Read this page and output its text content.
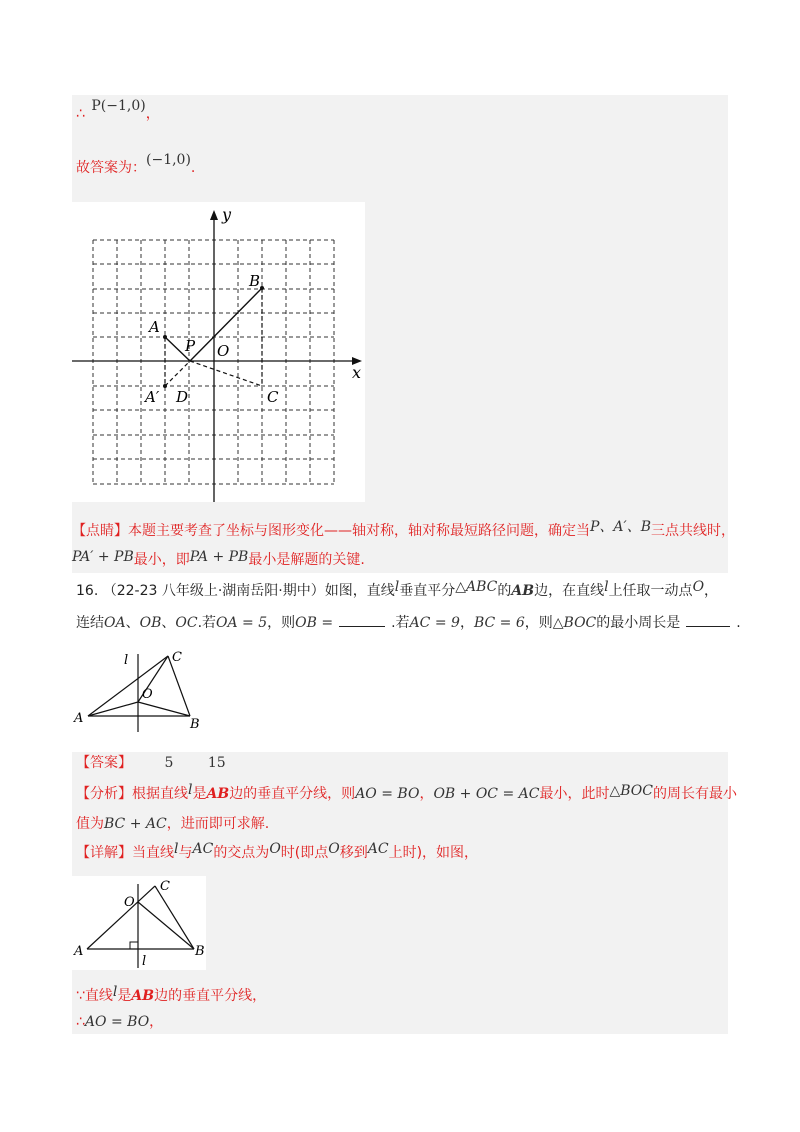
∴ P(−1,0)，
故答案为：(−1,0).
y
x
A
B
O
P
A′ D	C
【点睛】本题主要考查了坐标与图形变化——轴对称，轴对称最短路径问题，确定当P、A′、B三点共线时，
PA′ + PB最小，即PA + PB最小是解题的关键.
16. （22-23 八年级上·湖南岳阳·期中）如图，直线l垂直平分△ABC的AB边，在直线l上任取一动点O，
连结OA、OB、OC.若OA = 5，则OB =	.若AC = 9，BC = 6，则△BOC的最小周长是	.
l	C
O
A	B
【答案】 5 15
【分析】根据直线l是AB边的垂直平分线，则AO = BO，OB + OC = AC最小，此时△BOC的周长有最小
值为BC + AC，进而即可求解.
【详解】当直线l与AC的交点为O时(即点O移到AC上时)，如图，
C
O
A	B
l
∵直线l是AB边的垂直平分线，
∴AO = BO，
